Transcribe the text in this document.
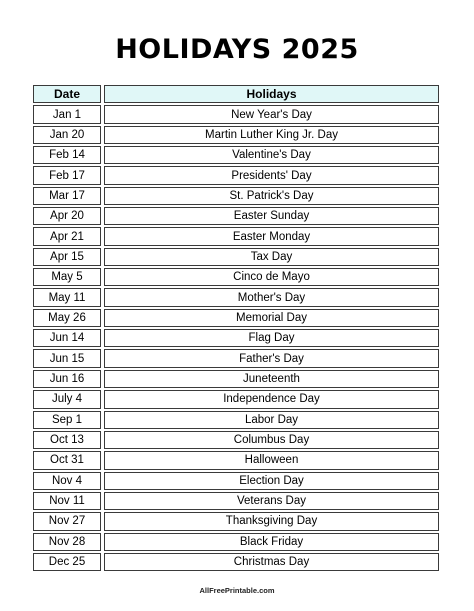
HOLIDAYS 2025
Date	Holidays
Jan 1	New Year's Day
Jan 20	Martin Luther King Jr. Day
Feb 14	Valentine's Day
Feb 17	Presidents' Day
Mar 17	St. Patrick's Day
Apr 20	Easter Sunday
Apr 21	Easter Monday
Apr 15	Tax Day
May 5	Cinco de Mayo
May 11	Mother's Day
May 26	Memorial Day
Jun 14	Flag Day
Jun 15	Father's Day
Jun 16	Juneteenth
July 4	Independence Day
Sep 1	Labor Day
Oct 13	Columbus Day
Oct 31	Halloween
Nov 4	Election Day
Nov 11	Veterans Day
Nov 27	Thanksgiving Day
Nov 28	Black Friday
Dec 25	Christmas Day
AllFreePrintable.com
